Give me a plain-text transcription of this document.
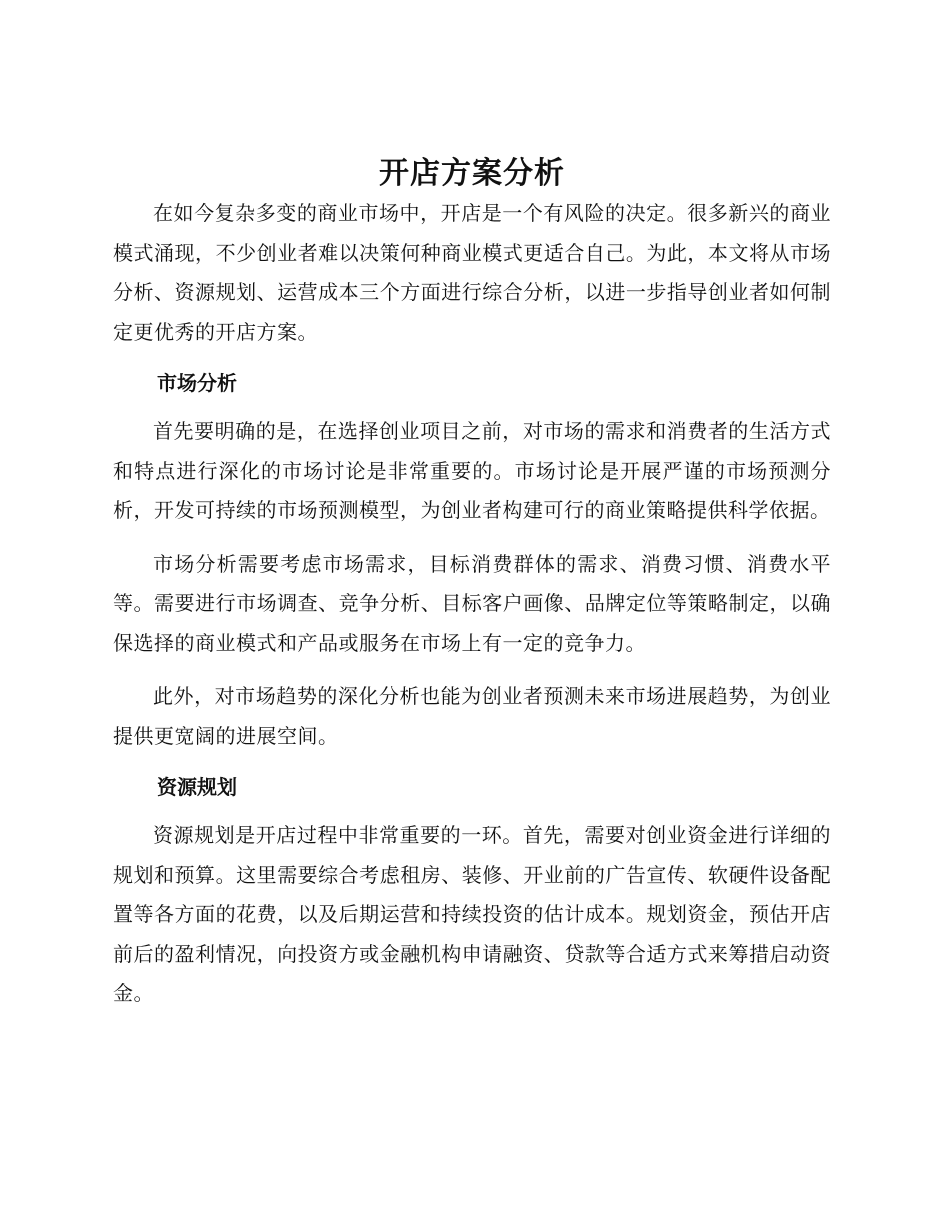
开店方案分析

在如今复杂多变的商业市场中，开店是一个有风险的决定。很多新兴的商业模式涌现，不少创业者难以决策何种商业模式更适合自己。为此，本文将从市场分析、资源规划、运营成本三个方面进行综合分析，以进一步指导创业者如何制定更优秀的开店方案。

市场分析

首先要明确的是，在选择创业项目之前，对市场的需求和消费者的生活方式和特点进行深化的市场讨论是非常重要的。市场讨论是开展严谨的市场预测分析，开发可持续的市场预测模型，为创业者构建可行的商业策略提供科学依据。

市场分析需要考虑市场需求，目标消费群体的需求、消费习惯、消费水平等。需要进行市场调查、竞争分析、目标客户画像、品牌定位等策略制定，以确保选择的商业模式和产品或服务在市场上有一定的竞争力。

此外，对市场趋势的深化分析也能为创业者预测未来市场进展趋势，为创业提供更宽阔的进展空间。

资源规划

资源规划是开店过程中非常重要的一环。首先，需要对创业资金进行详细的规划和预算。这里需要综合考虑租房、装修、开业前的广告宣传、软硬件设备配置等各方面的花费，以及后期运营和持续投资的估计成本。规划资金，预估开店前后的盈利情况，向投资方或金融机构申请融资、贷款等合适方式来筹措启动资金。
